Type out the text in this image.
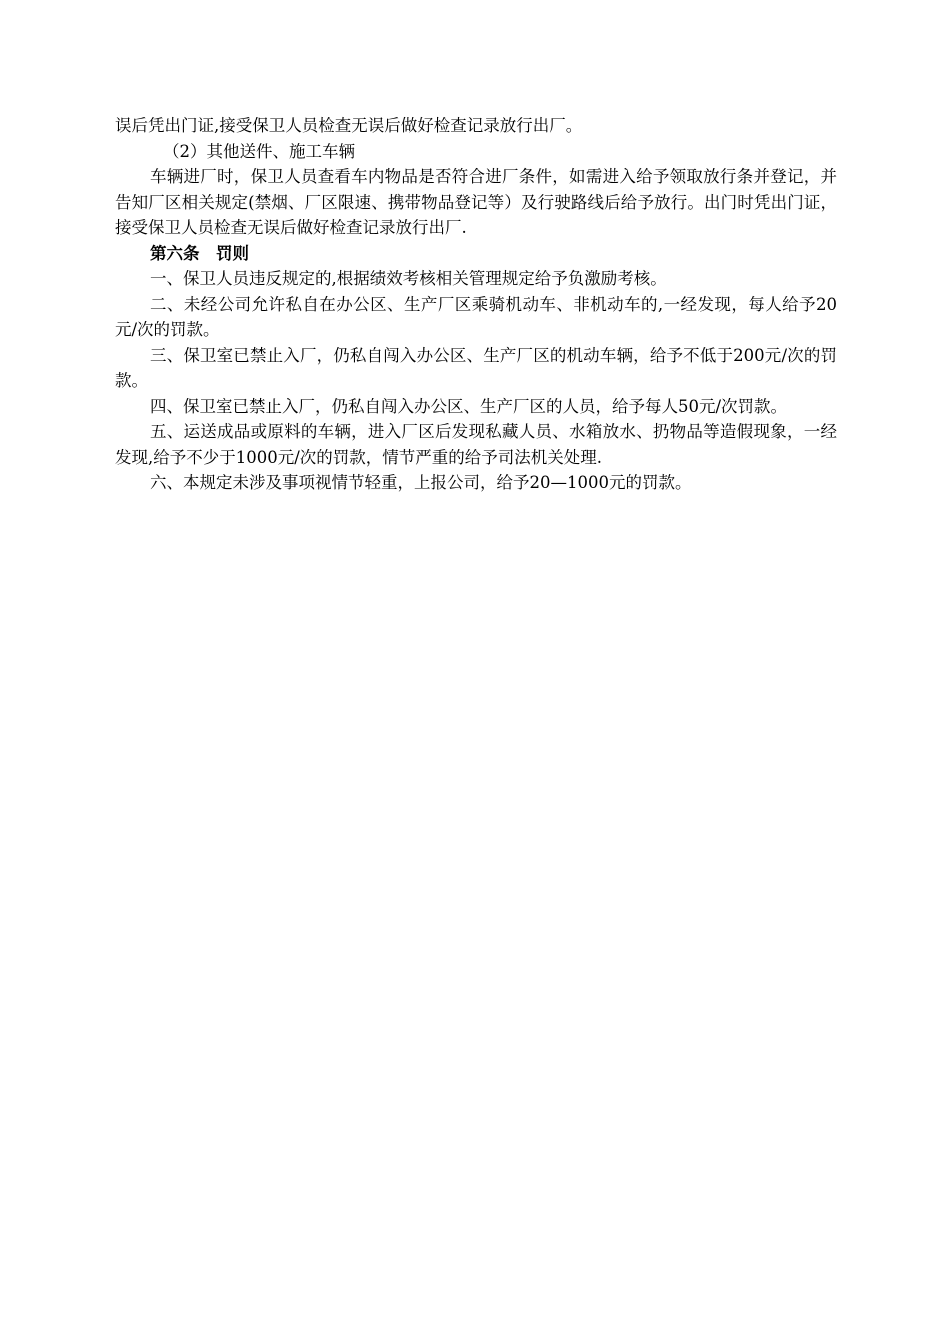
误后凭出门证,接受保卫人员检查无误后做好检查记录放行出厂。

（2）其他送件、施工车辆

车辆进厂时，保卫人员查看车内物品是否符合进厂条件，如需进入给予领取放行条并登记，并告知厂区相关规定(禁烟、厂区限速、携带物品登记等）及行驶路线后给予放行。出门时凭出门证，接受保卫人员检查无误后做好检查记录放行出厂.

第六条　罚则

一、保卫人员违反规定的,根据绩效考核相关管理规定给予负激励考核。

二、未经公司允许私自在办公区、生产厂区乘骑机动车、非机动车的,一经发现，每人给予20元/次的罚款。

三、保卫室已禁止入厂，仍私自闯入办公区、生产厂区的机动车辆，给予不低于200元/次的罚款。

四、保卫室已禁止入厂，仍私自闯入办公区、生产厂区的人员，给予每人50元/次罚款。

五、运送成品或原料的车辆，进入厂区后发现私藏人员、水箱放水、扔物品等造假现象，一经发现,给予不少于1000元/次的罚款，情节严重的给予司法机关处理.

六、本规定未涉及事项视情节轻重，上报公司，给予20—1000元的罚款。
